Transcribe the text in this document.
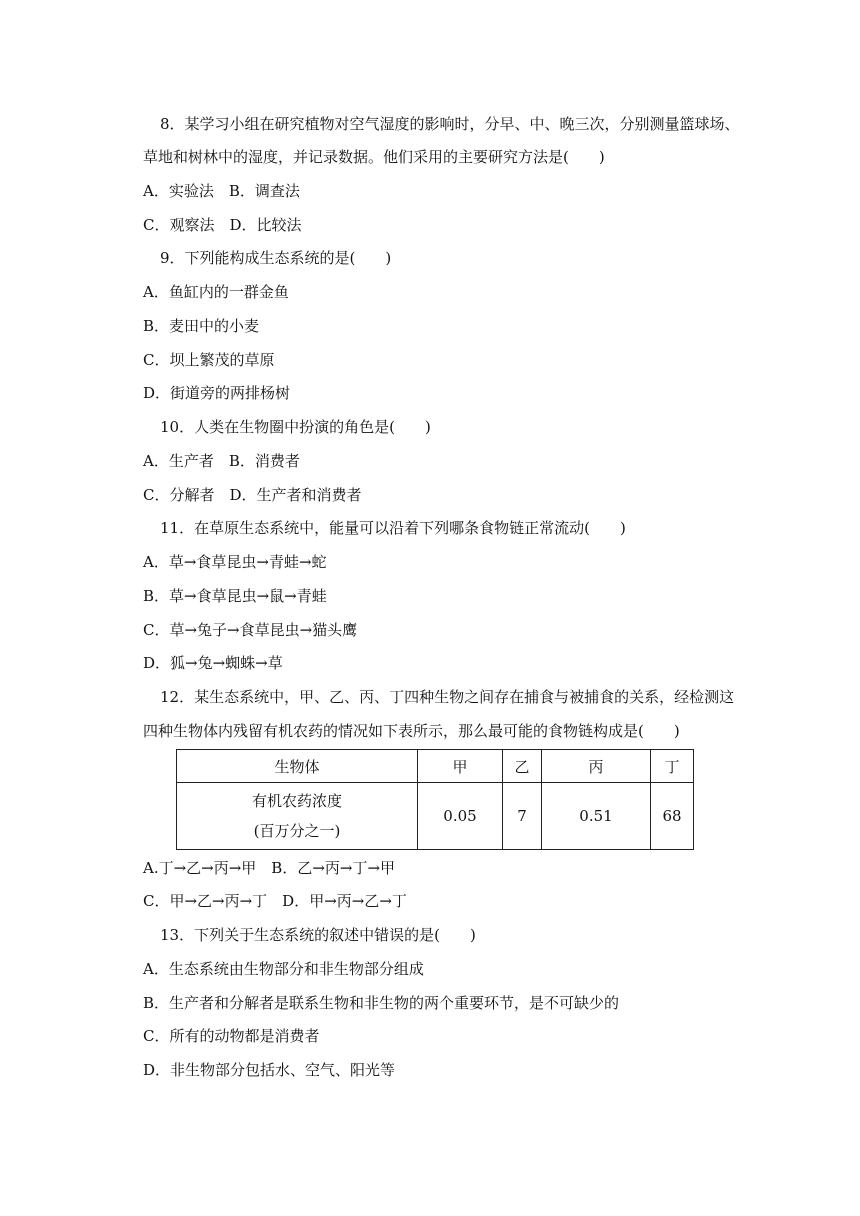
8．某学习小组在研究植物对空气湿度的影响时，分早、中、晚三次，分别测量篮球场、
草地和树林中的湿度，并记录数据。他们采用的主要研究方法是(　　)
A．实验法　B．调查法
C．观察法　D．比较法
9．下列能构成生态系统的是(　　)
A．鱼缸内的一群金鱼
B．麦田中的小麦
C．坝上繁茂的草原
D．街道旁的两排杨树
10．人类在生物圈中扮演的角色是(　　)
A．生产者　B．消费者
C．分解者　D．生产者和消费者
11．在草原生态系统中，能量可以沿着下列哪条食物链正常流动(　　)
A．草→食草昆虫→青蛙→蛇
B．草→食草昆虫→鼠→青蛙
C．草→兔子→食草昆虫→猫头鹰
D．狐→兔→蜘蛛→草
12．某生态系统中，甲、乙、丙、丁四种生物之间存在捕食与被捕食的关系，经检测这
四种生物体内残留有机农药的情况如下表所示，那么最可能的食物链构成是(　　)
生物体	甲	乙	丙	丁

有机农药浓度
(百万分之一)	0.05	7	0.51	68
A.丁→乙→丙→甲　B．乙→丙→丁→甲
C．甲→乙→丙→丁　D．甲→丙→乙→丁
13．下列关于生态系统的叙述中错误的是(　　)
A．生态系统由生物部分和非生物部分组成
B．生产者和分解者是联系生物和非生物的两个重要环节，是不可缺少的
C．所有的动物都是消费者
D．非生物部分包括水、空气、阳光等
